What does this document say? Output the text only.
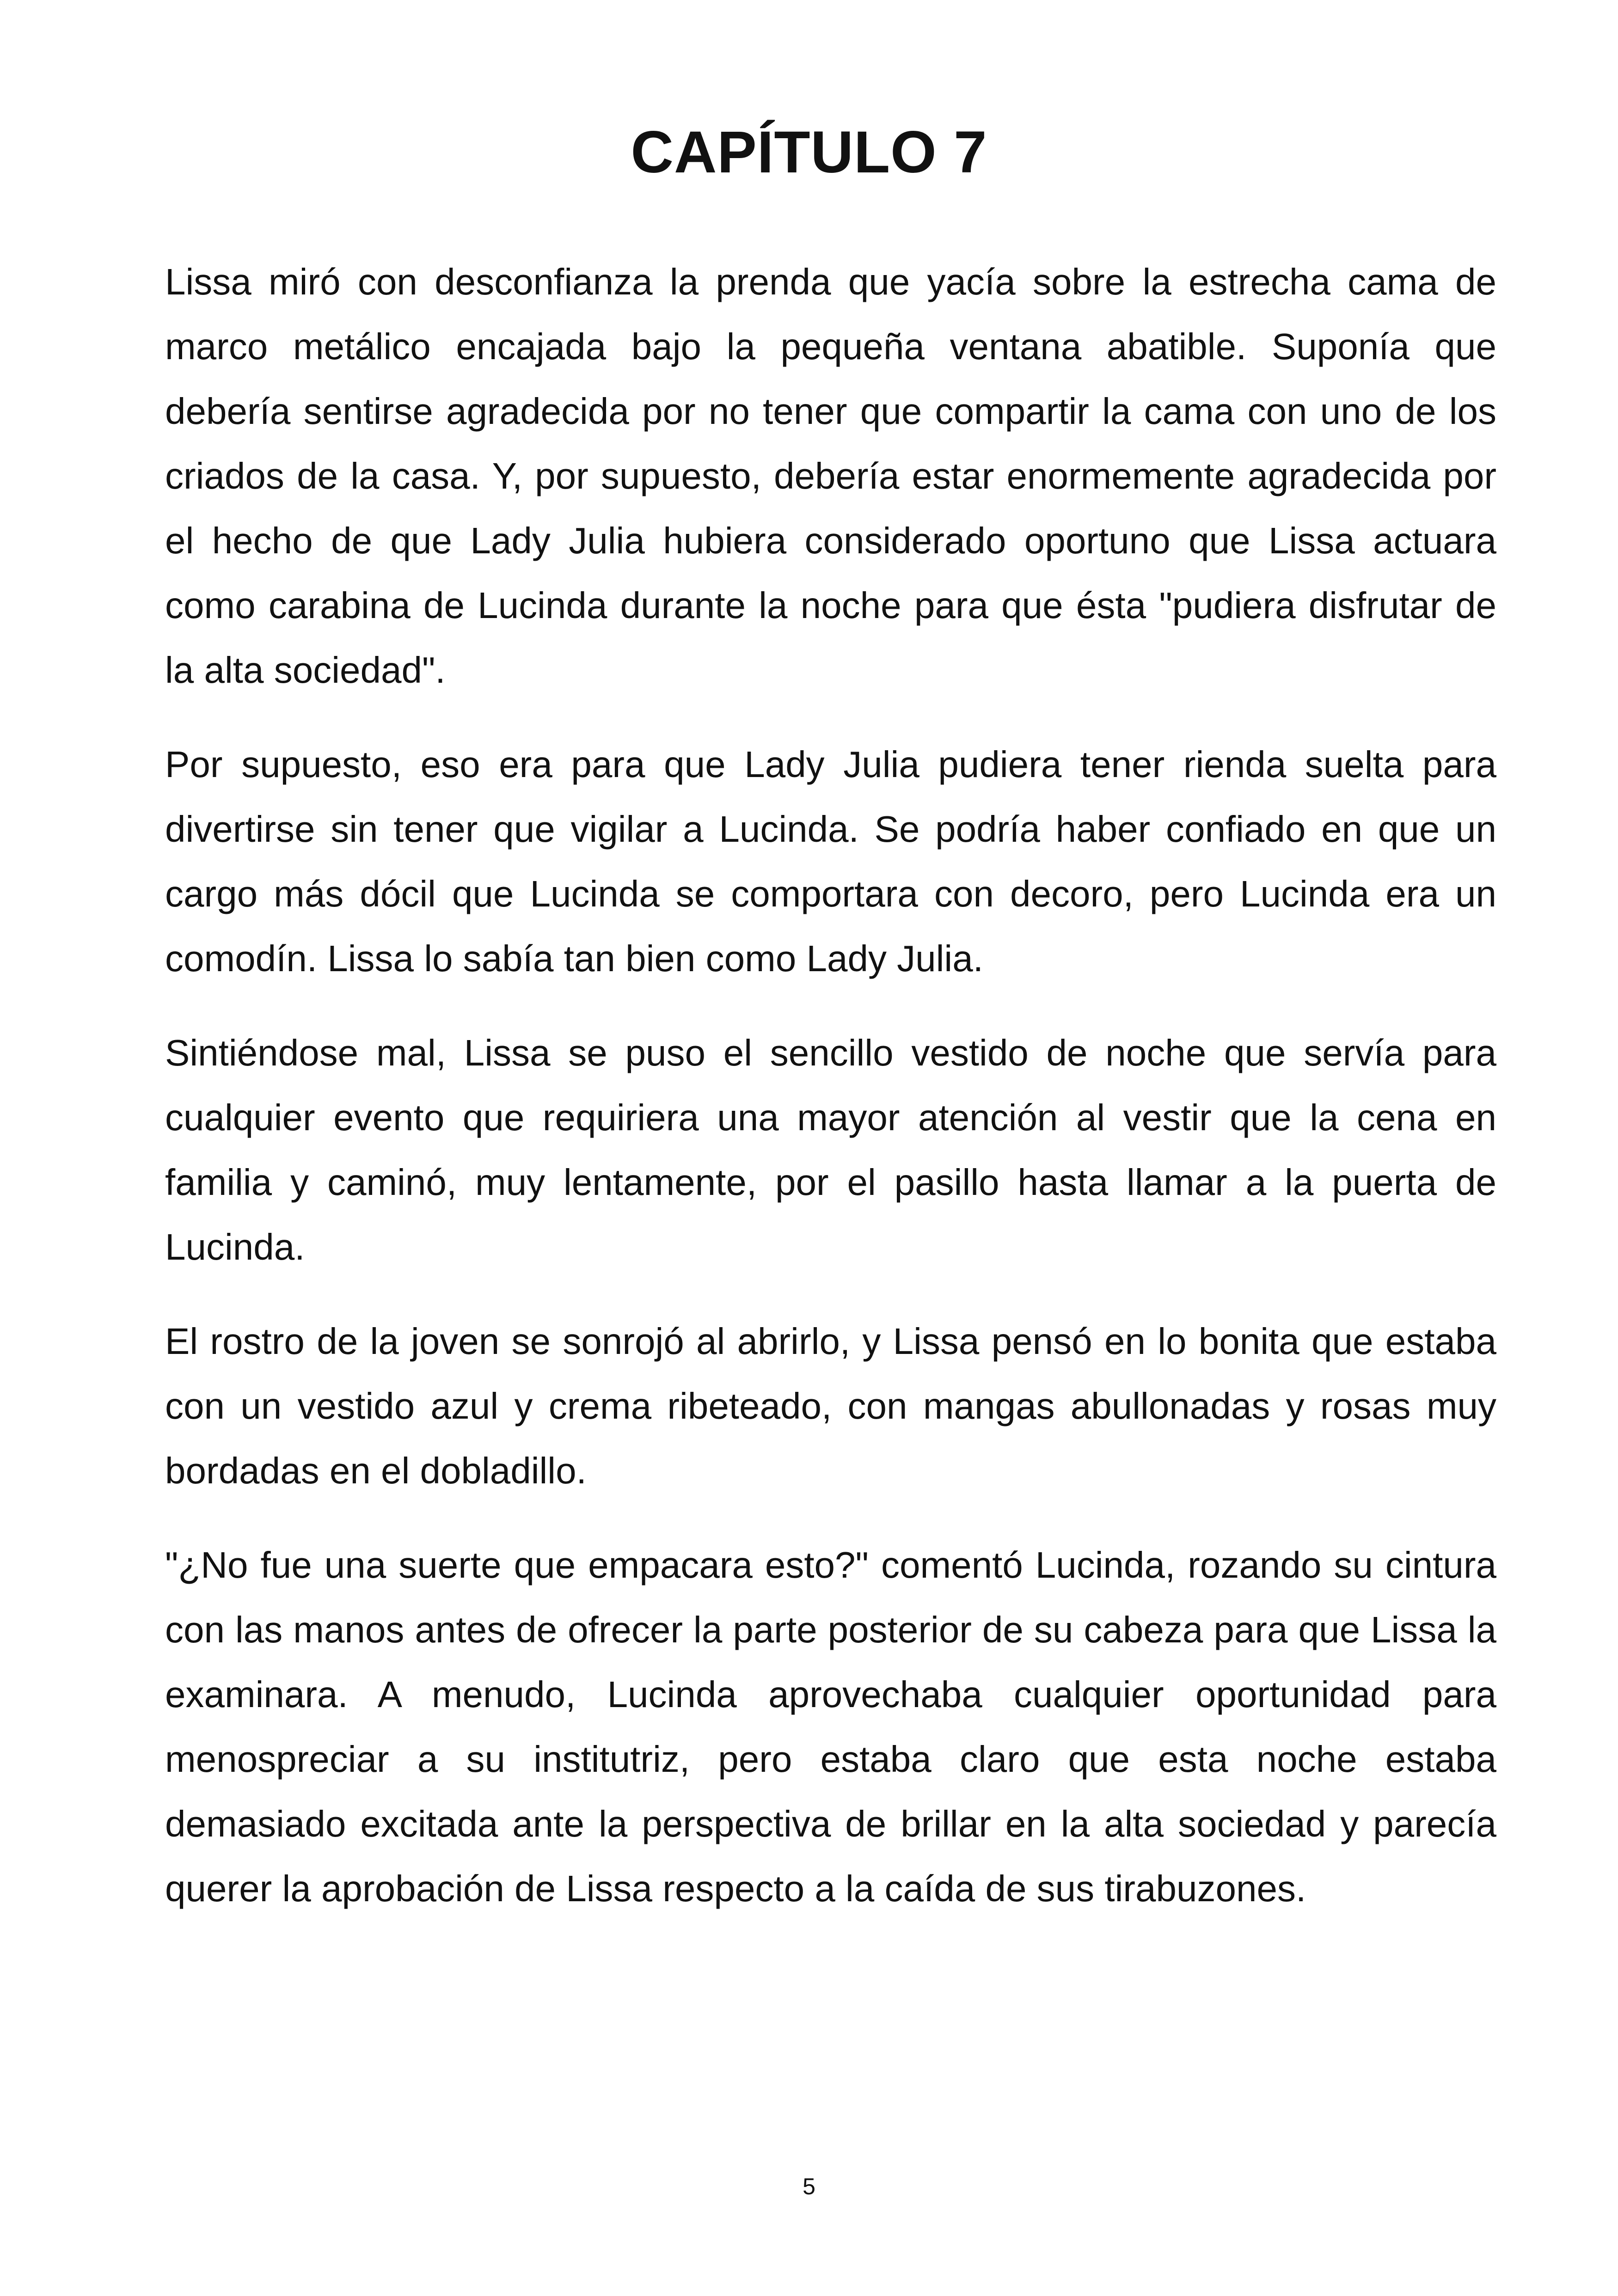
CAPÍTULO 7

Lissa miró con desconfianza la prenda que yacía sobre la estrecha cama de marco metálico encajada bajo la pequeña ventana abatible. Suponía que debería sentirse agradecida por no tener que compartir la cama con uno de los criados de la casa. Y, por supuesto, debería estar enormemente agradecida por el hecho de que Lady Julia hubiera considerado oportuno que Lissa actuara como carabina de Lucinda durante la noche para que ésta "pudiera disfrutar de la alta sociedad".

Por supuesto, eso era para que Lady Julia pudiera tener rienda suelta para divertirse sin tener que vigilar a Lucinda. Se podría haber confiado en que un cargo más dócil que Lucinda se comportara con decoro, pero Lucinda era un comodín. Lissa lo sabía tan bien como Lady Julia.

Sintiéndose mal, Lissa se puso el sencillo vestido de noche que servía para cualquier evento que requiriera una mayor atención al vestir que la cena en familia y caminó, muy lentamente, por el pasillo hasta llamar a la puerta de Lucinda.

El rostro de la joven se sonrojó al abrirlo, y Lissa pensó en lo bonita que estaba con un vestido azul y crema ribeteado, con mangas abullonadas y rosas muy bordadas en el dobladillo.

"¿No fue una suerte que empacara esto?" comentó Lucinda, rozando su cintura con las manos antes de ofrecer la parte posterior de su cabeza para que Lissa la examinara. A menudo, Lucinda aprovechaba cualquier oportunidad para menospreciar a su institutriz, pero estaba claro que esta noche estaba demasiado excitada ante la perspectiva de brillar en la alta sociedad y parecía querer la aprobación de Lissa respecto a la caída de sus tirabuzones.

5
